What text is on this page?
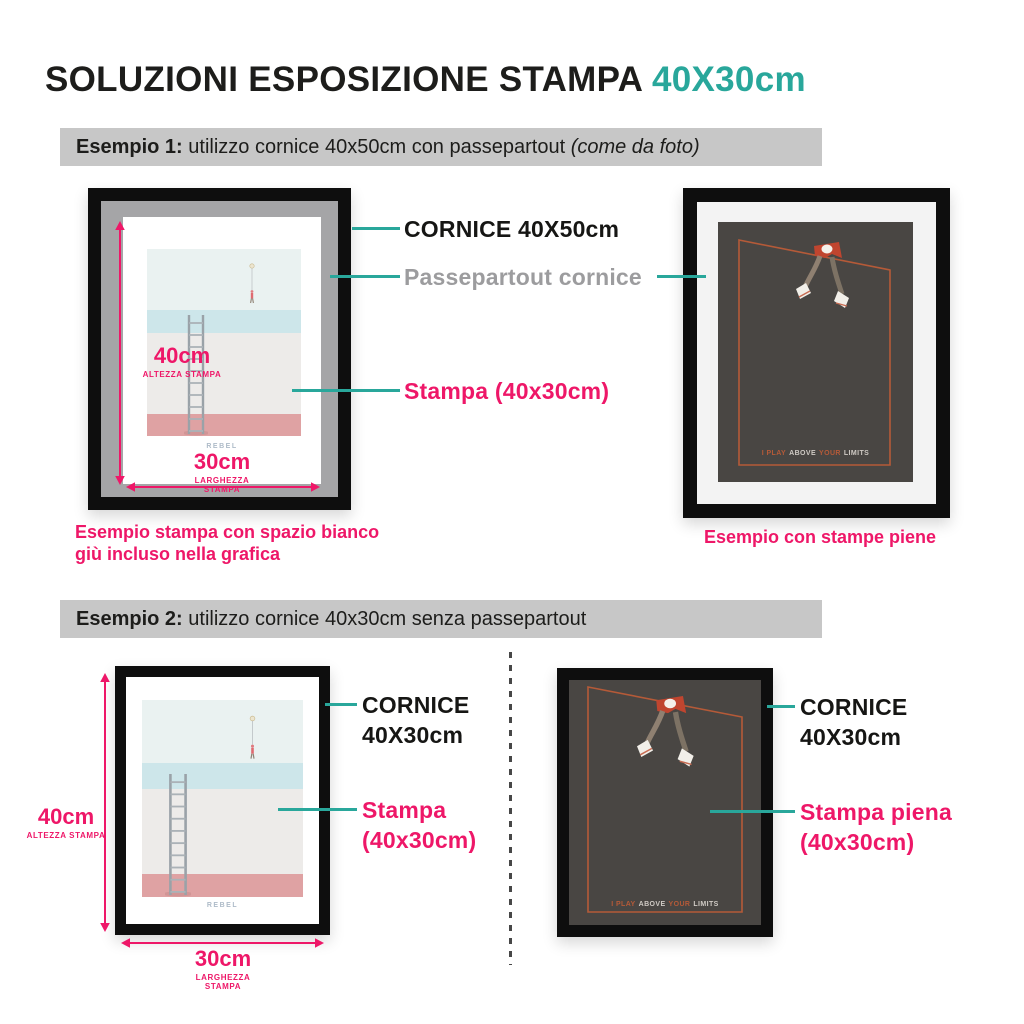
SOLUZIONI ESPOSIZIONE STAMPA 40X30cm
Esempio 1: utilizzo cornice 40x50cm con passepartout (come da foto)
REBEL
40cm
ALTEZZA STAMPA
30cm
LARGHEZZA STAMPA
I PLAY ABOVE YOUR LIMITS
CORNICE 40X50cm
Passepartout cornice
Stampa (40x30cm)
Esempio stampa con spazio bianco
giù incluso nella grafica
Esempio con stampe piene
Esempio 2: utilizzo cornice 40x30cm senza passepartout
REBEL
40cm
ALTEZZA STAMPA
30cm
LARGHEZZA STAMPA
CORNICE
40X30cm
Stampa
(40x30cm)
I PLAY ABOVE YOUR LIMITS
CORNICE
40X30cm
Stampa piena
(40x30cm)
